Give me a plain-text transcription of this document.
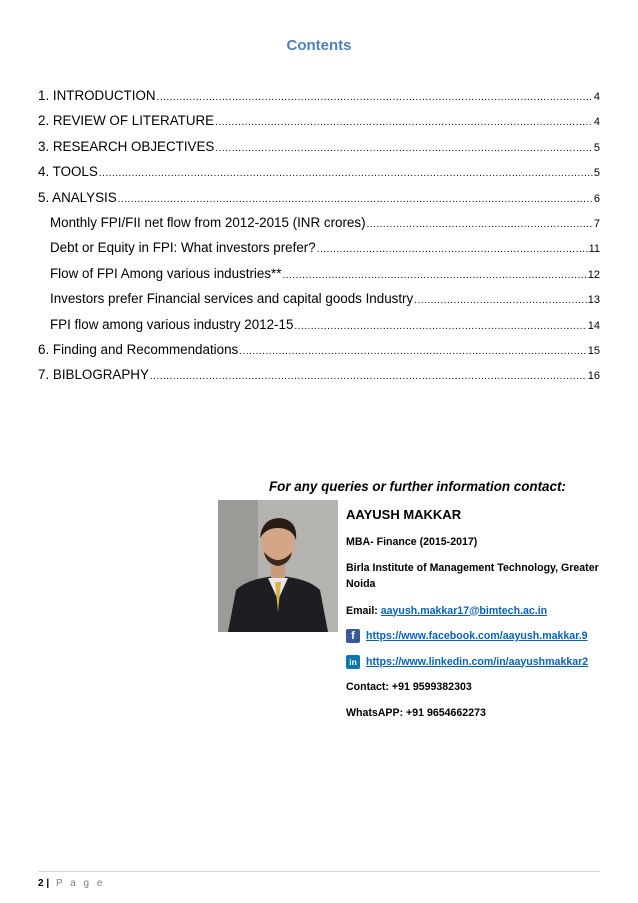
Contents
1. INTRODUCTION .....	4
2. REVIEW OF LITERATURE .....	4
3. RESEARCH OBJECTIVES .....	5
4. TOOLS .....	5
5. ANALYSIS .....	6
Monthly FPI/FII net flow from 2012-2015 (INR crores) .....	7
Debt or Equity in FPI: What investors prefer? .....	11
Flow of FPI Among various industries** .....	12
Investors prefer Financial services and capital goods Industry .....	13
FPI flow among various industry 2012-15 .....	14
6. Finding and Recommendations .....	15
7. BIBLOGRAPHY .....	16
For any queries or further information contact:
AAYUSH MAKKAR
MBA- Finance (2015-2017)
Birla Institute of Management Technology, Greater Noida
Email: aayush.makkar17@bimtech.ac.in
f	https://www.facebook.com/aayush.makkar.9
in https://www.linkedin.com/in/aayushmakkar2
Contact: +91 9599382303
WhatsAPP: +91 9654662273
2 | P a g e
